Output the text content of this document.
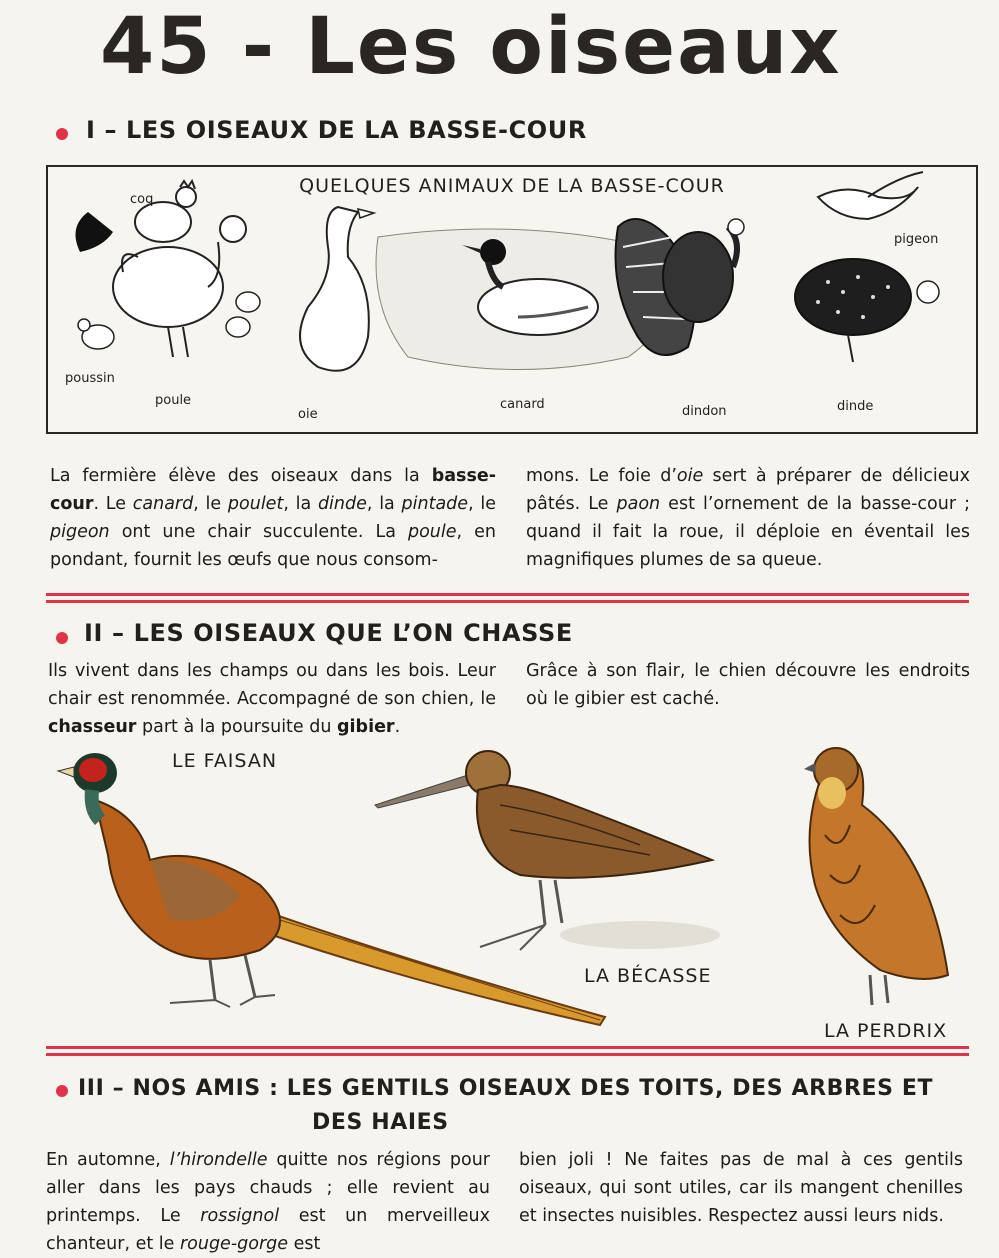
45 - Les oiseaux
I – LES OISEAUX DE LA BASSE-COUR
QUELQUES ANIMAUX DE LA BASSE-COUR
coq
pigeon
poussin
poule
oie
canard	dindon	dinde
La fermière élève des oiseaux dans la basse-cour. Le canard, le poulet, la dinde, la pintade, le pigeon ont une chair succulente. La poule, en pondant, fournit les œufs que nous consom-
mons. Le foie d’oie sert à préparer de délicieux pâtés. Le paon est l’ornement de la basse-cour ; quand il fait la roue, il déploie en éventail les magnifiques plumes de sa queue.
II – LES OISEAUX QUE L’ON CHASSE
Ils vivent dans les champs ou dans les bois. Leur chair est renommée. Accompagné de son chien, le chasseur part à la poursuite du gibier.
Grâce à son flair, le chien découvre les endroits où le gibier est caché.
LE FAISAN
LA BÉCASSE
LA PERDRIX
III – NOS AMIS : LES GENTILS OISEAUX DES TOITS, DES ARBRES ET
DES HAIES
En automne, l’hirondelle quitte nos régions pour aller dans les pays chauds ; elle revient au printemps. Le rossignol est un merveilleux chanteur, et le rouge-gorge est
bien joli ! Ne faites pas de mal à ces gentils oiseaux, qui sont utiles, car ils mangent chenilles et insectes nuisibles. Respectez aussi leurs nids.
